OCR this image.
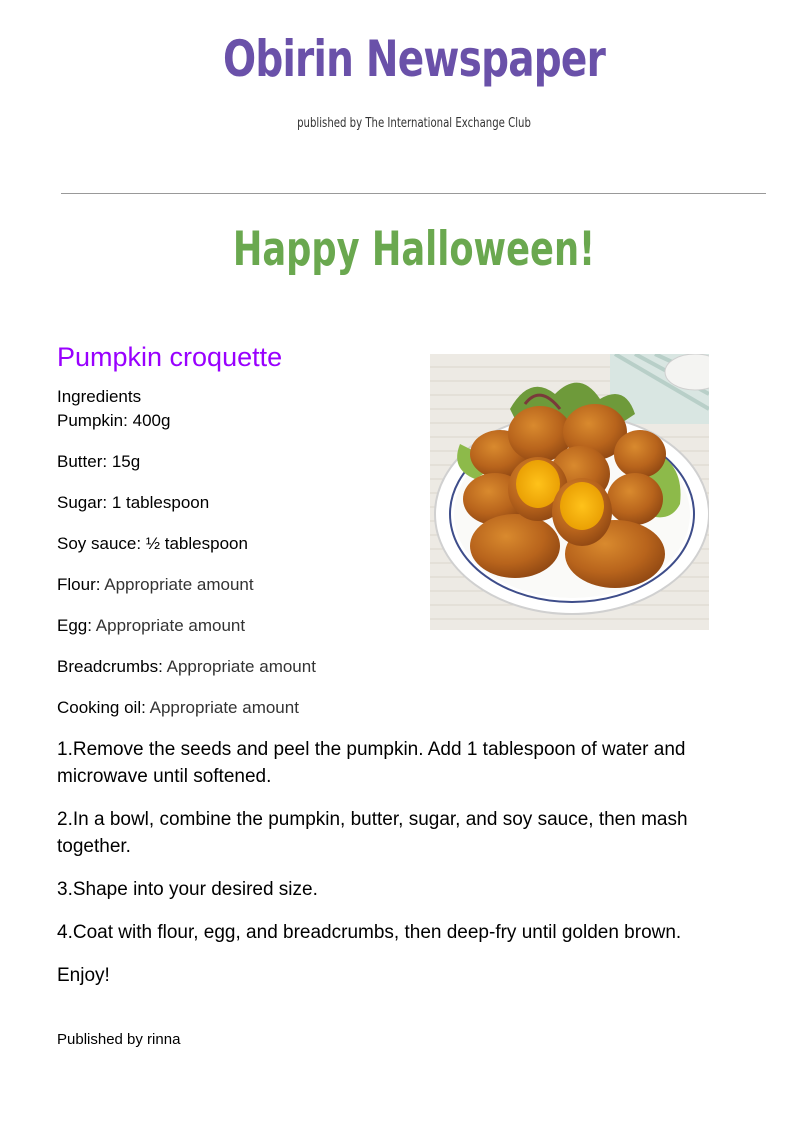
Obirin Newspaper
published by The International Exchange Club
Happy Halloween!
Pumpkin croquette
Ingredients
Pumpkin: 400g
Butter: 15g
Sugar: 1 tablespoon
Soy sauce: ½ tablespoon
Flour: Appropriate amount
Egg: Appropriate amount
Breadcrumbs: Appropriate amount
Cooking oil: Appropriate amount
1.Remove the seeds and peel the pumpkin. Add 1 tablespoon of water and microwave until softened.
2.In a bowl, combine the pumpkin, butter, sugar, and soy sauce, then mash together.
3.Shape into your desired size.
4.Coat with flour, egg, and breadcrumbs, then deep-fry until golden brown.
Enjoy!
Published by rinna
